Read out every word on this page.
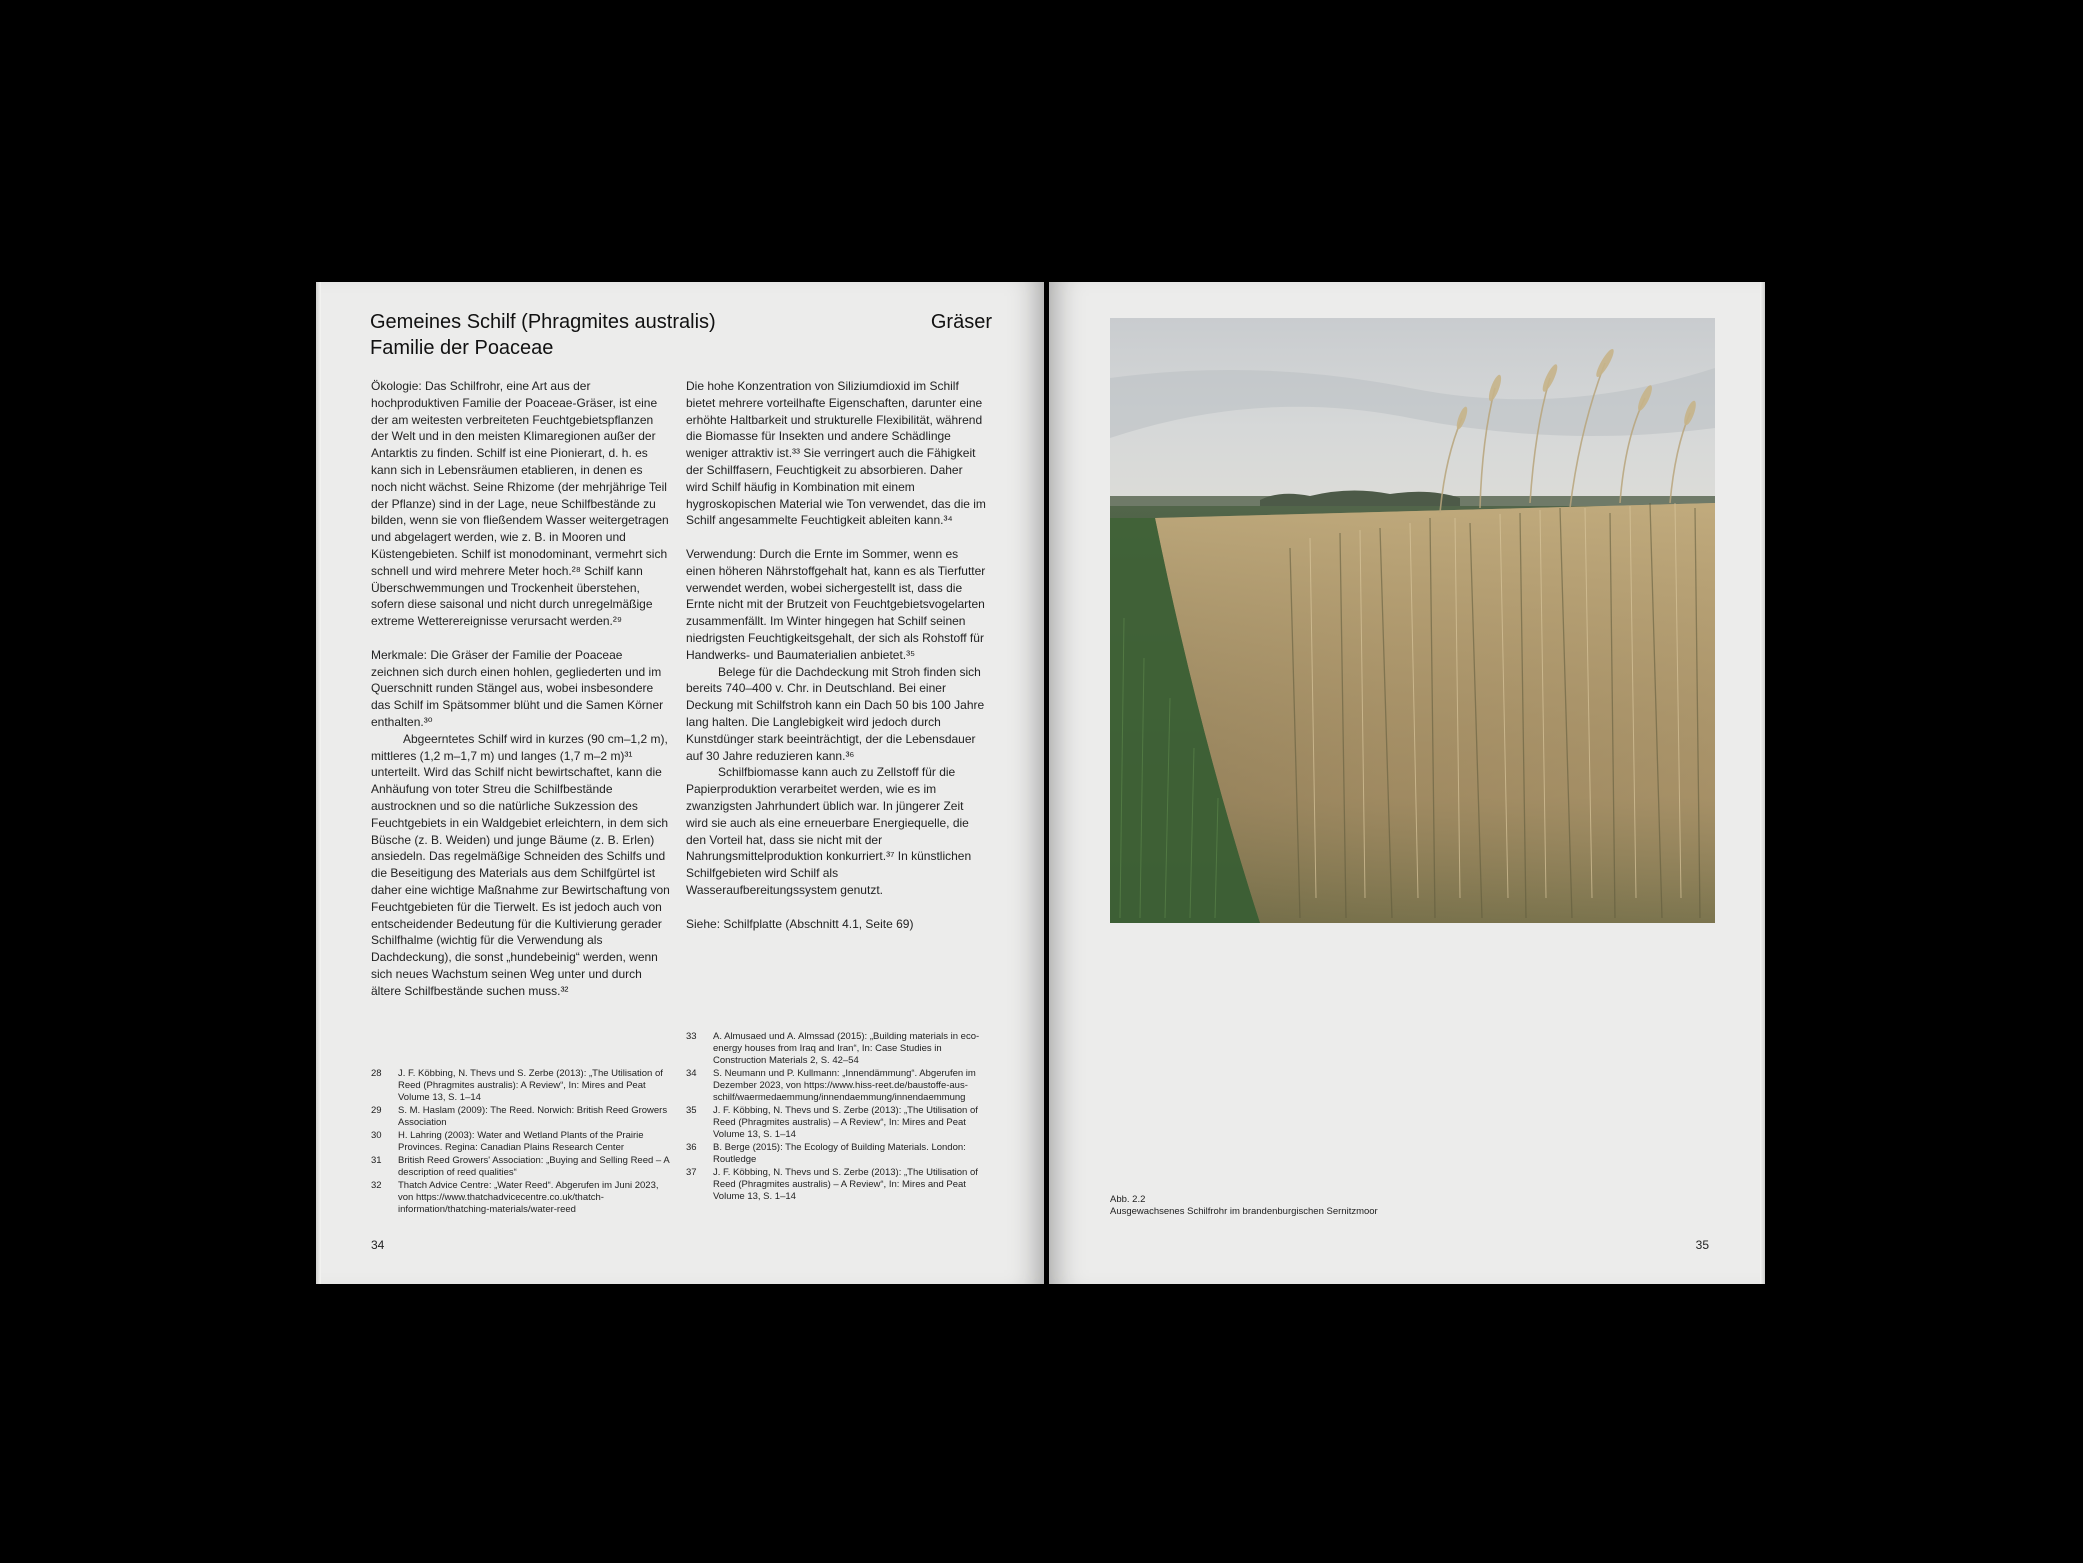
Gemeines Schilf (Phragmites australis)
Familie der Poaceae
Gräser

Ökologie: Das Schilfrohr, eine Art aus der hochproduktiven Familie der Poaceae-Gräser, ist eine der am weitesten verbreiteten Feuchtgebietspflanzen der Welt und in den meisten Klimaregionen außer der Antarktis zu finden. Schilf ist eine Pionierart, d. h. es kann sich in Lebensräumen etablieren, in denen es noch nicht wächst. Seine Rhizome (der mehrjährige Teil der Pflanze) sind in der Lage, neue Schilfbestände zu bilden, wenn sie von fließendem Wasser weitergetragen und abgelagert werden, wie z. B. in Mooren und Küstengebieten. Schilf ist monodominant, vermehrt sich schnell und wird mehrere Meter hoch.²⁸ Schilf kann Überschwemmungen und Trockenheit überstehen, sofern diese saisonal und nicht durch unregelmäßige extreme Wetterereignisse verursacht werden.²⁹

Merkmale: Die Gräser der Familie der Poaceae zeichnen sich durch einen hohlen, gegliederten und im Querschnitt runden Stängel aus, wobei insbesondere das Schilf im Spätsommer blüht und die Samen Körner enthalten.³⁰

Abgeerntetes Schilf wird in kurzes (90 cm–1,2 m), mittleres (1,2 m–1,7 m) und langes (1,7 m–2 m)³¹ unterteilt. Wird das Schilf nicht bewirtschaftet, kann die Anhäufung von toter Streu die Schilfbestände austrocknen und so die natürliche Sukzession des Feuchtgebiets in ein Waldgebiet erleichtern, in dem sich Büsche (z. B. Weiden) und junge Bäume (z. B. Erlen) ansiedeln. Das regelmäßige Schneiden des Schilfs und die Beseitigung des Materials aus dem Schilfgürtel ist daher eine wichtige Maßnahme zur Bewirtschaftung von Feuchtgebieten für die Tierwelt. Es ist jedoch auch von entscheidender Bedeutung für die Kultivierung gerader Schilfhalme (wichtig für die Verwendung als Dachdeckung), die sonst „hundebeinig“ werden, wenn sich neues Wachstum seinen Weg unter und durch ältere Schilfbestände suchen muss.³²

Die hohe Konzentration von Siliziumdioxid im Schilf bietet mehrere vorteilhafte Eigenschaften, darunter eine erhöhte Haltbarkeit und strukturelle Flexibilität, während die Biomasse für Insekten und andere Schädlinge weniger attraktiv ist.³³ Sie verringert auch die Fähigkeit der Schilffasern, Feuchtigkeit zu absorbieren. Daher wird Schilf häufig in Kombination mit einem hygroskopischen Material wie Ton verwendet, das die im Schilf angesammelte Feuchtigkeit ableiten kann.³⁴

Verwendung: Durch die Ernte im Sommer, wenn es einen höheren Nährstoffgehalt hat, kann es als Tierfutter verwendet werden, wobei sichergestellt ist, dass die Ernte nicht mit der Brutzeit von Feuchtgebietsvogelarten zusammenfällt. Im Winter hingegen hat Schilf seinen niedrigsten Feuchtigkeitsgehalt, der sich als Rohstoff für Handwerks- und Baumaterialien anbietet.³⁵

Belege für die Dachdeckung mit Stroh finden sich bereits 740–400 v. Chr. in Deutschland. Bei einer Deckung mit Schilfstroh kann ein Dach 50 bis 100 Jahre lang halten. Die Langlebigkeit wird jedoch durch Kunstdünger stark beeinträchtigt, der die Lebensdauer auf 30 Jahre reduzieren kann.³⁶

Schilfbiomasse kann auch zu Zellstoff für die Papierproduktion verarbeitet werden, wie es im zwanzigsten Jahrhundert üblich war. In jüngerer Zeit wird sie auch als eine erneuerbare Energiequelle, die den Vorteil hat, dass sie nicht mit der Nahrungsmittelproduktion konkurriert.³⁷ In künstlichen Schilfgebieten wird Schilf als Wasseraufbereitungssystem genutzt.

Siehe: Schilfplatte (Abschnitt 4.1, Seite 69)

28	J. F. Köbbing, N. Thevs und S. Zerbe (2013): „The Utilisation of Reed (Phragmites australis): A Review“, In: Mires and Peat Volume 13, S. 1–14
29	S. M. Haslam (2009): The Reed. Norwich: British Reed Growers Association
30	H. Lahring (2003): Water and Wetland Plants of the Prairie Provinces. Regina: Canadian Plains Research Center
31	British Reed Growers' Association: „Buying and Selling Reed – A description of reed qualities“
32	Thatch Advice Centre: „Water Reed“. Abgerufen im Juni 2023, von https://www.thatchadvicecentre.co.uk/thatch-information/thatching-materials/water-reed
33	A. Almusaed und A. Almssad (2015): „Building materials in eco-energy houses from Iraq and Iran“, In: Case Studies in Construction Materials 2, S. 42–54
34	S. Neumann und P. Kullmann: „Innendämmung“. Abgerufen im Dezember 2023, von https://www.hiss-reet.de/baustoffe-aus-schilf/waermedaemmung/innendaemmung/innendaemmung
35	J. F. Köbbing, N. Thevs und S. Zerbe (2013): „The Utilisation of Reed (Phragmites australis) – A Review“, In: Mires and Peat Volume 13, S. 1–14
36	B. Berge (2015): The Ecology of Building Materials. London: Routledge
37	J. F. Köbbing, N. Thevs und S. Zerbe (2013): „The Utilisation of Reed (Phragmites australis) – A Review“, In: Mires and Peat Volume 13, S. 1–14
34
Abb. 2.2
Ausgewachsenes Schilfrohr im brandenburgischen Sernitzmoor
35
